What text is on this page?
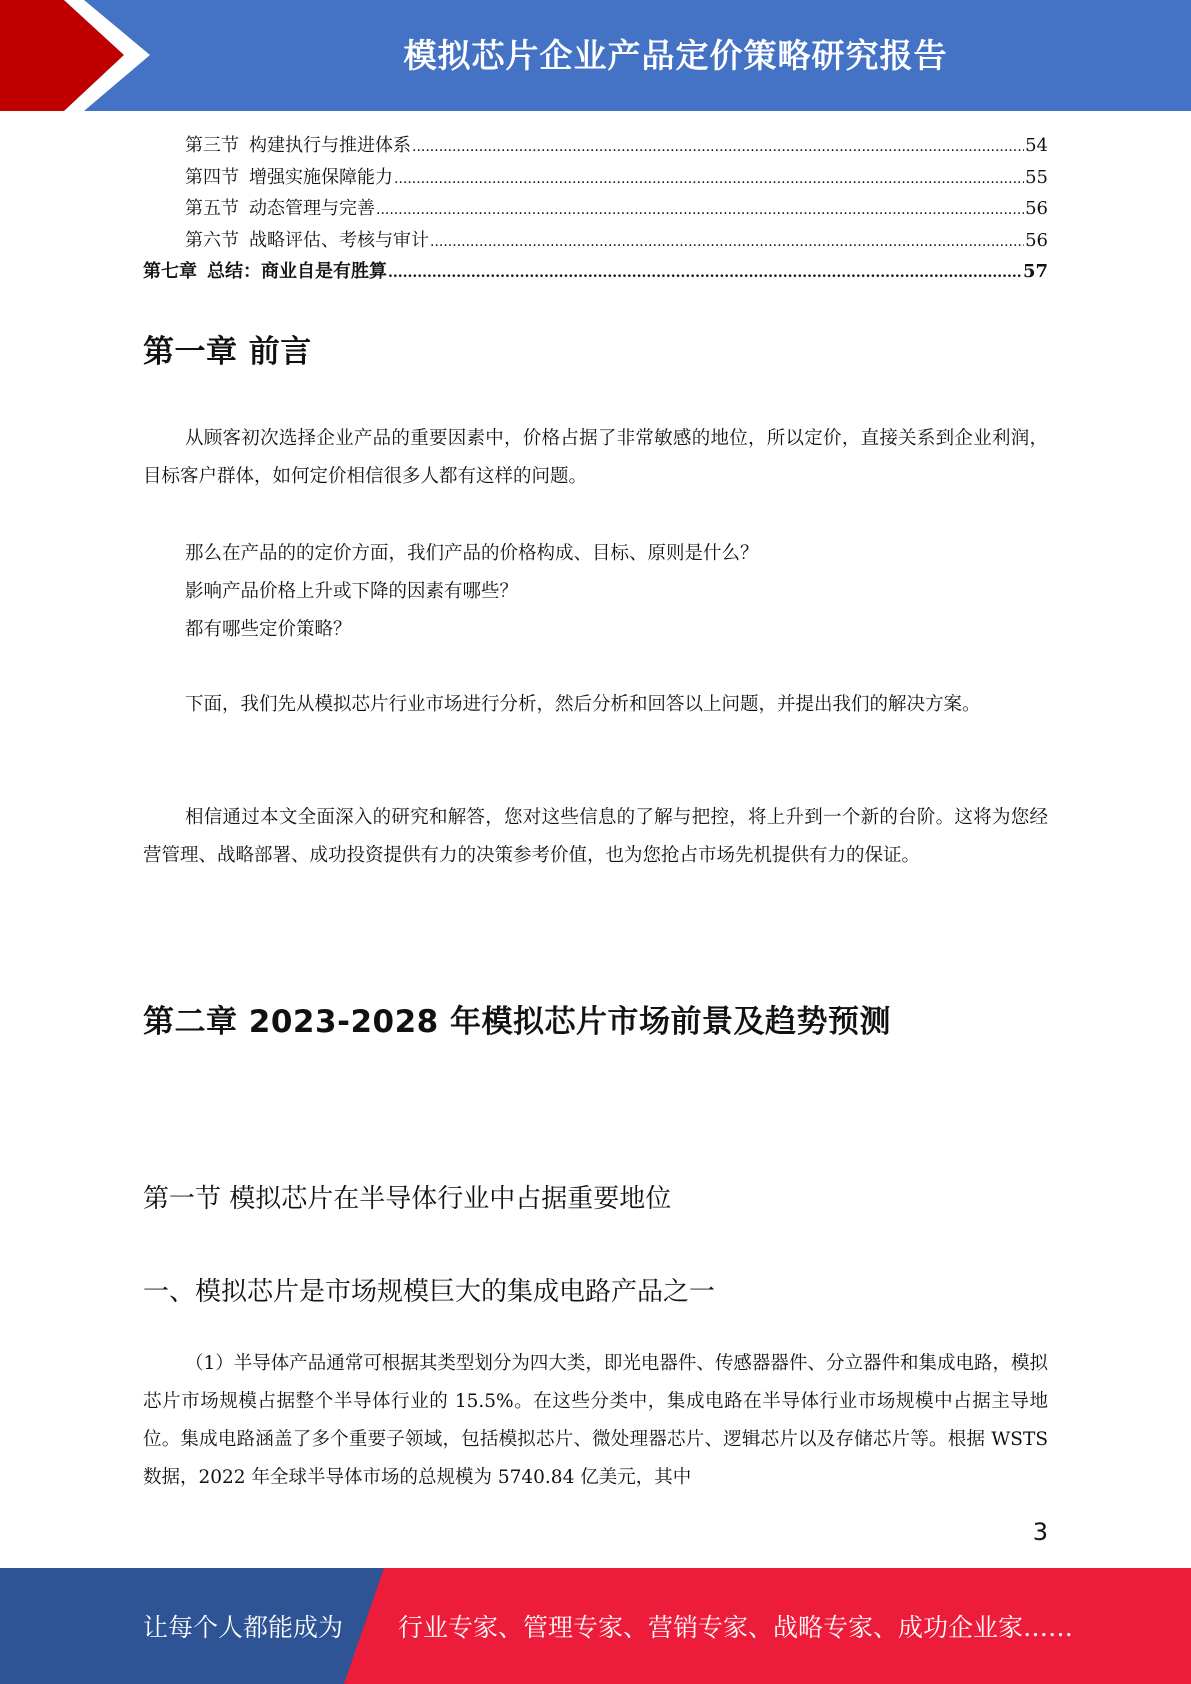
模拟芯片企业产品定价策略研究报告
第三节 构建执行与推进体系 .....	54
第四节 增强实施保障能力 .....	55
第五节 动态管理与完善 .....	56
第六节 战略评估、考核与审计 .....	56
第七章 总结：商业自是有胜算 .....	57
第一章 前言

从顾客初次选择企业产品的重要因素中，价格占据了非常敏感的地位，所以定价，直接关系到企业利润，目标客户群体，如何定价相信很多人都有这样的问题。

那么在产品的的定价方面，我们产品的价格构成、目标、原则是什么？
影响产品价格上升或下降的因素有哪些？
都有哪些定价策略？

下面，我们先从模拟芯片行业市场进行分析，然后分析和回答以上问题，并提出我们的解决方案。

相信通过本文全面深入的研究和解答，您对这些信息的了解与把控，将上升到一个新的台阶。这将为您经营管理、战略部署、成功投资提供有力的决策参考价值，也为您抢占市场先机提供有力的保证。

第二章 2023-2028 年模拟芯片市场前景及趋势预测
第一节 模拟芯片在半导体行业中占据重要地位
一、模拟芯片是市场规模巨大的集成电路产品之一

（1）半导体产品通常可根据其类型划分为四大类，即光电器件、传感器器件、分立器件和集成电路，模拟芯片市场规模占据整个半导体行业的 15.5%。在这些分类中，集成电路在半导体行业市场规模中占据主导地位。集成电路涵盖了多个重要子领域，包括模拟芯片、微处理器芯片、逻辑芯片以及存储芯片等。根据 WSTS 数据，2022 年全球半导体市场的总规模为 5740.84 亿美元，其中

3
让每个人都能成为 行业专家、管理专家、营销专家、战略专家、成功企业家……
